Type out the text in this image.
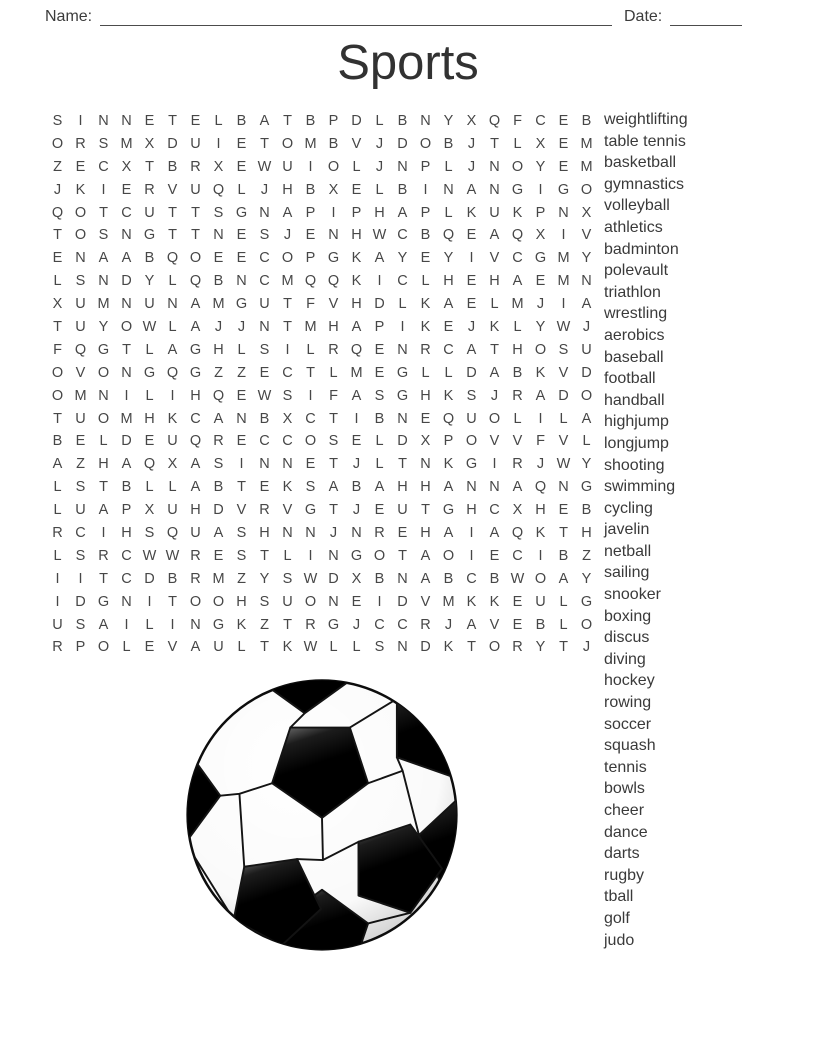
Name:	Date:
Sports
S	I	N N E T E L B A T B P D L B N Y X Q F C E B
O R S M X D U	I	E T O M B V	J D O B	J	T	L X E M
Z E C X T B R X E W U	I	O L	J N P L	J N O Y E M
J	K	I	E R V U Q L	J H B X E L B	I	N A N G	I	G O
Q O T C U T T S G N A P	I	P H A P L K U K P N X
T O S N G T T N E S	J	E N H W C B Q E A Q X	I	V
E N A A B Q O E E C O P G K A Y E Y	I	V C G M Y
L S N D Y L Q B N C M Q Q K	I	C L H E H A E M N
X U M N U N A M G U T F V H D L K A E L M J	I	A
T U Y O W L A	J	J N T M H A P	I	K E	J	K L Y W J
F Q G T	L A G H L S	I	L R Q E N R C A T H O S U
O V O N G Q G Z Z E C T	L M E G L	L D A B K V D
O M N	I	L	I	H Q E W S	I	F A S G H K S	J R A D O
T U O M H K C A N B X C T	I	B N E Q U O L	I	L A
B E L D E U Q R E C C O S E L D X P O V V F V L
A Z H A Q X A S	I	N N E T	J	L	T N K G	I	R J W Y
L S T B L	L A B T E K S A B A H H A N N A Q N G
L U A P X U H D V R V G T	J	E U T G H C X H E B
R C	I	H S Q U A S H N N J N R E H A	I	A Q K T H
L S R C W W R E S T	L	I	N G O T A O	I	E C	I	B Z
I	I	T C D B R M Z Y S W D X B N A B C B W O A Y
I	D G N	I	T O O H S U O N E	I	D V M K K E U L G
U S A	I	L	I	N G K Z T R G J C C R J	A V E B L O
R P O L E V A U L	T K W L	L S N D K T O R Y T	J
weightlifting
table tennis
basketball
gymnastics
volleyball
athletics
badminton
polevault
triathlon
wrestling
aerobics
baseball
football
handball
highjump
longjump
shooting
swimming
cycling
javelin
netball
sailing
snooker
boxing
discus
diving
hockey
rowing
soccer
squash
tennis
bowls
cheer
dance
darts
rugby
tball
golf
judo
